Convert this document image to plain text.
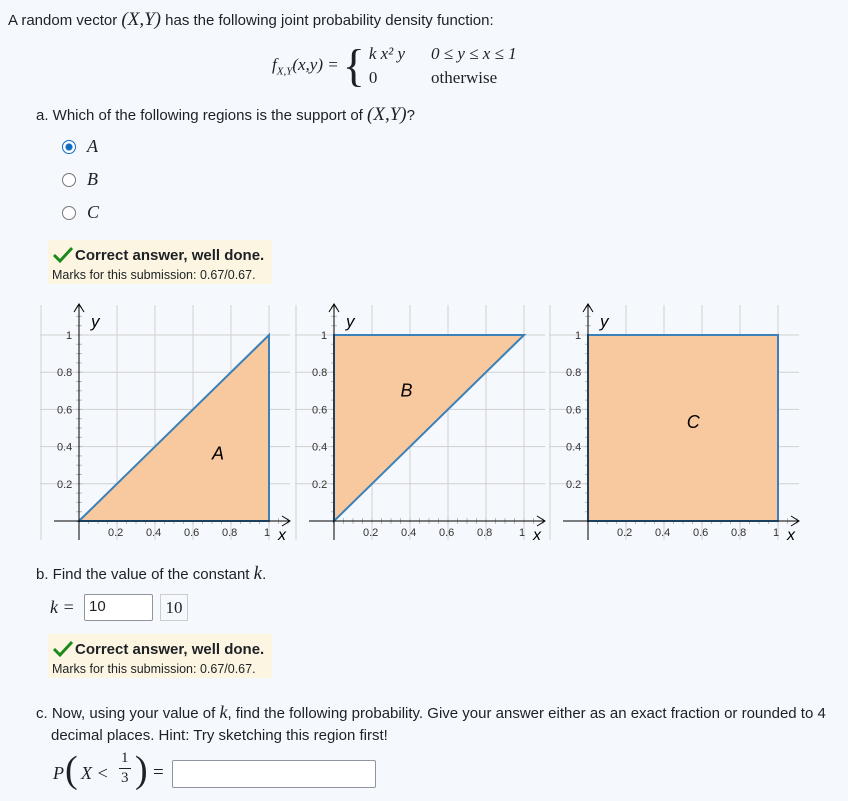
A random vector (X,Y) has the following joint probability density function:
$f_{X,Y}(x,y)$ = { k x² y 0 ≤ y ≤ x ≤ 1
0	otherwise
a. Which of the following regions is the support of (X,Y)?
A
B
C
Correct answer, well done.
Marks for this submission: 0.67/0.67.
0.2 0.4 0.6 0.8 1
0.2
0.4
0.6
0.8
1
y
x
A
0.2 0.4 0.6 0.8 1
0.2
0.4
0.6
0.8
1
y
x
B
0.2 0.4 0.6 0.8 1
0.2
0.4
0.6
0.8
1
y
x
C
b. Find the value of the constant k.
k = 10	10
Correct answer, well done.
Marks for this submission: 0.67/0.67.
c. Now, using your value of k, find the following probability. Give your answer either as an exact fraction or rounded to 4
decimal places. Hint: Try sketching this region first!
P ( X <
1
3 ) =
